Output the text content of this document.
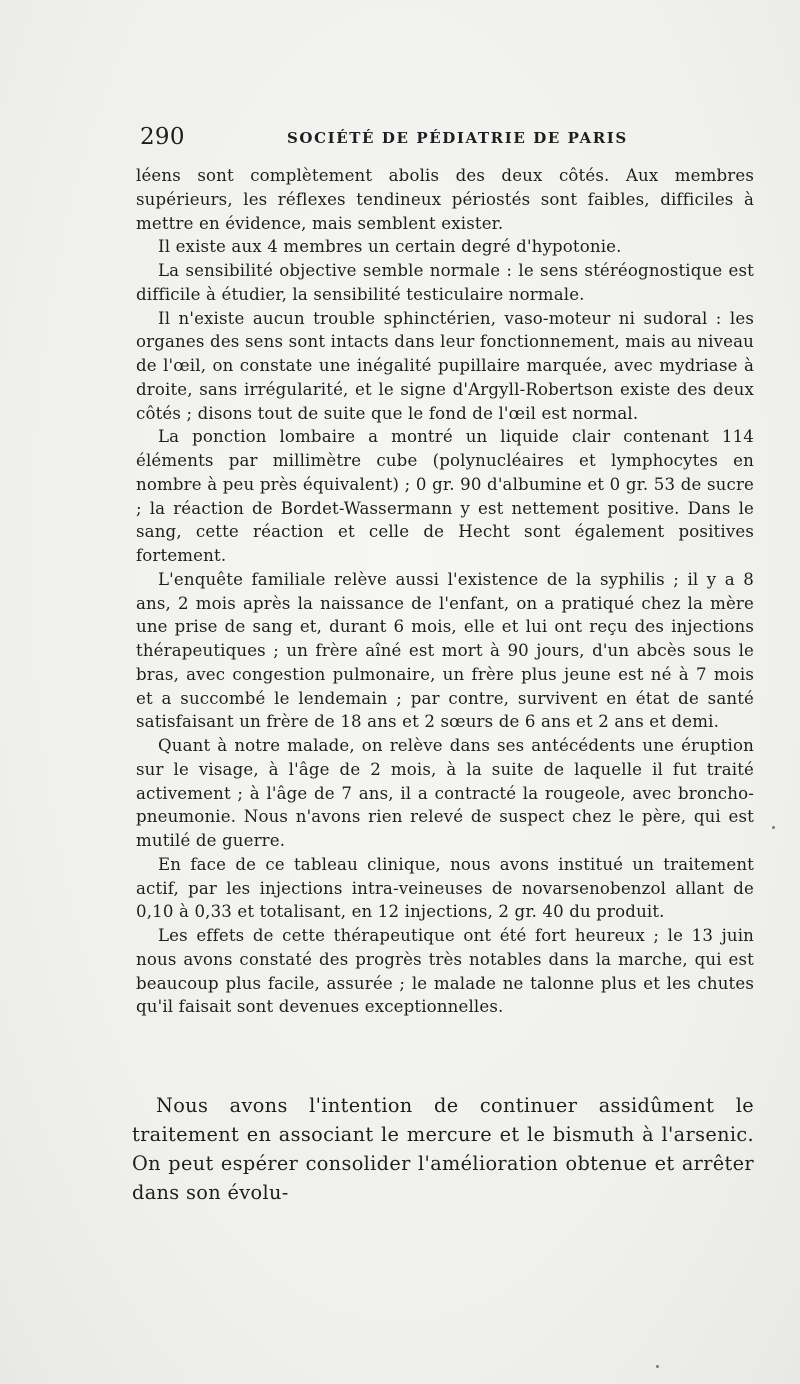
290	SOCIÉTÉ DE PÉDIATRIE DE PARIS

léens sont complètement abolis des deux côtés. Aux membres supérieurs, les réflexes tendineux périostés sont faibles, difficiles à mettre en évidence, mais semblent exister.

Il existe aux 4 membres un certain degré d'hypotonie.

La sensibilité objective semble normale : le sens stéréognostique est difficile à étudier, la sensibilité testiculaire normale.

Il n'existe aucun trouble sphinctérien, vaso-moteur ni sudoral : les organes des sens sont intacts dans leur fonctionnement, mais au niveau de l'œil, on constate une inégalité pupillaire marquée, avec mydriase à droite, sans irrégularité, et le signe d'Argyll-Robertson existe des deux côtés ; disons tout de suite que le fond de l'œil est normal.

La ponction lombaire a montré un liquide clair contenant 114 éléments par millimètre cube (polynucléaires et lymphocytes en nombre à peu près équivalent) ; 0 gr. 90 d'albumine et 0 gr. 53 de sucre ; la réaction de Bordet-Wassermann y est nettement positive. Dans le sang, cette réaction et celle de Hecht sont également positives fortement.

L'enquête familiale relève aussi l'existence de la syphilis ; il y a 8 ans, 2 mois après la naissance de l'enfant, on a pratiqué chez la mère une prise de sang et, durant 6 mois, elle et lui ont reçu des injections thérapeutiques ; un frère aîné est mort à 90 jours, d'un abcès sous le bras, avec congestion pulmonaire, un frère plus jeune est né à 7 mois et a succombé le lendemain ; par contre, survivent en état de santé satisfaisant un frère de 18 ans et 2 sœurs de 6 ans et 2 ans et demi.

Quant à notre malade, on relève dans ses antécédents une éruption sur le visage, à l'âge de 2 mois, à la suite de laquelle il fut traité activement ; à l'âge de 7 ans, il a contracté la rougeole, avec broncho-pneumonie. Nous n'avons rien relevé de suspect chez le père, qui est mutilé de guerre.

En face de ce tableau clinique, nous avons institué un traitement actif, par les injections intra-veineuses de novarsenobenzol allant de 0,10 à 0,33 et totalisant, en 12 injections, 2 gr. 40 du produit.

Les effets de cette thérapeutique ont été fort heureux ; le 13 juin nous avons constaté des progrès très notables dans la marche, qui est beaucoup plus facile, assurée ; le malade ne talonne plus et les chutes qu'il faisait sont devenues exceptionnelles.

Nous avons l'intention de continuer assidûment le traitement en associant le mercure et le bismuth à l'arsenic. On peut espérer consolider l'amélioration obtenue et arrêter dans son évolu-
